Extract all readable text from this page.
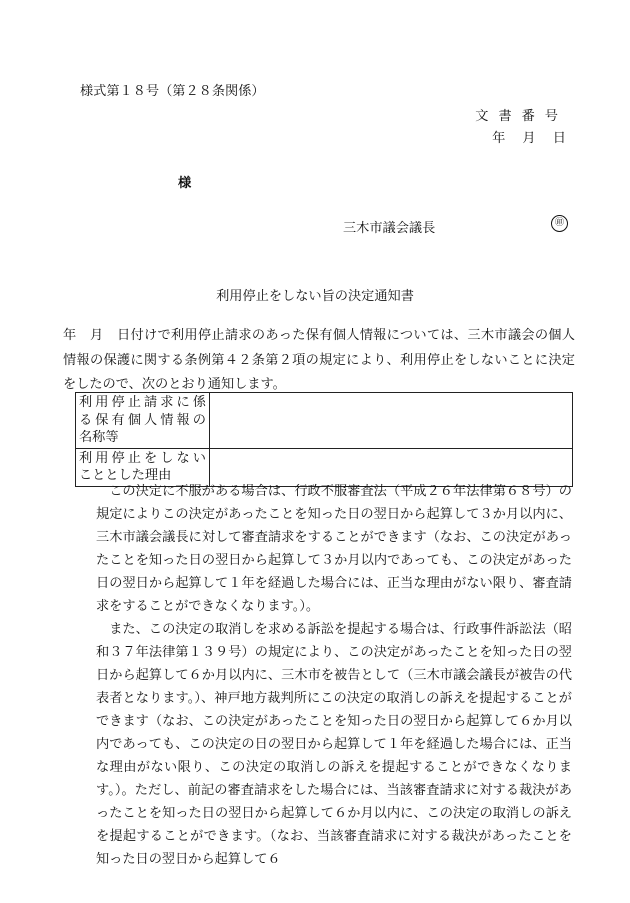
様式第１８号（第２８条関係）
文書番号
年　月　日
様
三木市議会議長	㊞
利用停止をしない旨の決定通知書

年　月　日付けで利用停止請求のあった保有個人情報については、三木市議会の個人情報の保護に関する条例第４２条第２項の規定により、利用停止をしないことに決定をしたので、次のとおり通知します。

利用停止請求に係
る保有個人情報の
名称等	

利用停止をしない
こととした理由	

この決定に不服がある場合は、行政不服審査法（平成２６年法律第６８号）の規定によりこの決定があったことを知った日の翌日から起算して３か月以内に、三木市議会議長に対して審査請求をすることができます（なお、この決定があったことを知った日の翌日から起算して３か月以内であっても、この決定があった日の翌日から起算して１年を経過した場合には、正当な理由がない限り、審査請求をすることができなくなります。）。

また、この決定の取消しを求める訴訟を提起する場合は、行政事件訴訟法（昭和３７年法律第１３９号）の規定により、この決定があったことを知った日の翌日から起算して６か月以内に、三木市を被告として（三木市議会議長が被告の代表者となります。）、神戸地方裁判所にこの決定の取消しの訴えを提起することができます（なお、この決定があったことを知った日の翌日から起算して６か月以内であっても、この決定の日の翌日から起算して１年を経過した場合には、正当な理由がない限り、この決定の取消しの訴えを提起することができなくなります。）。ただし、前記の審査請求をした場合には、当該審査請求に対する裁決があったことを知った日の翌日から起算して６か月以内に、この決定の取消しの訴えを提起することができます。（なお、当該審査請求に対する裁決があったことを知った日の翌日から起算して６
